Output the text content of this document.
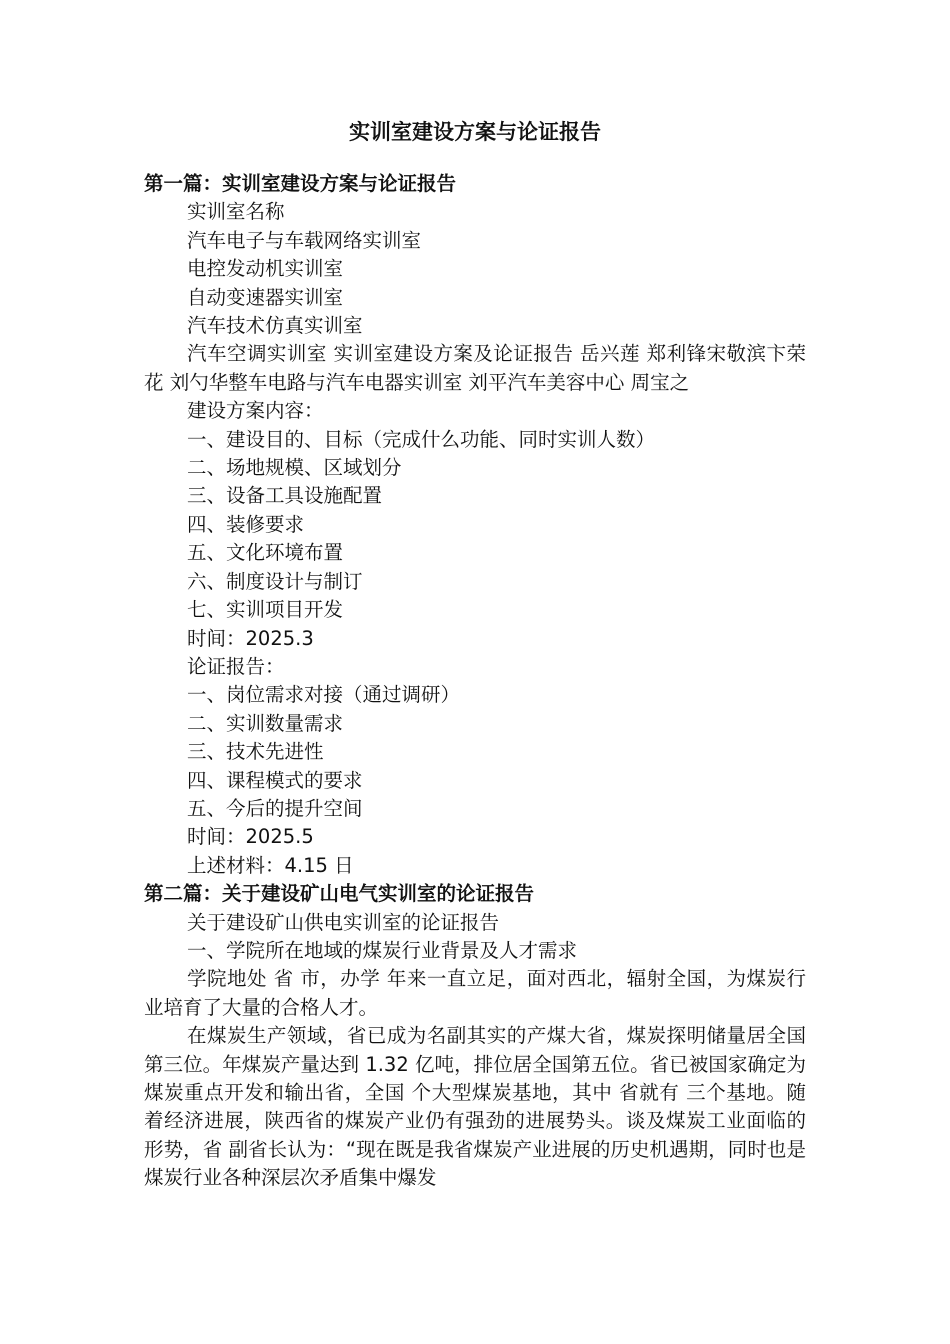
实训室建设方案与论证报告
第一篇：实训室建设方案与论证报告
实训室名称
汽车电子与车载网络实训室
电控发动机实训室
自动变速器实训室
汽车技术仿真实训室
汽车空调实训室 实训室建设方案及论证报告 岳兴莲 郑利锋宋敬滨卞荣花 刘勺华整车电路与汽车电器实训室 刘平汽车美容中心 周宝之
建设方案内容：
一、建设目的、目标（完成什么功能、同时实训人数）
二、场地规模、区域划分
三、设备工具设施配置
四、装修要求
五、文化环境布置
六、制度设计与制订
七、实训项目开发
时间：2025.3
论证报告：
一、岗位需求对接（通过调研）
二、实训数量需求
三、技术先进性
四、课程模式的要求
五、今后的提升空间
时间：2025.5
上述材料：4.15 日
第二篇：关于建设矿山电气实训室的论证报告
关于建设矿山供电实训室的论证报告
一、学院所在地域的煤炭行业背景及人才需求
学院地处 省 市，办学 年来一直立足，面对西北，辐射全国，为煤炭行业培育了大量的合格人才。
在煤炭生产领域，省已成为名副其实的产煤大省，煤炭探明储量居全国第三位。年煤炭产量达到 1.32 亿吨，排位居全国第五位。省已被国家确定为煤炭重点开发和输出省，全国 个大型煤炭基地，其中 省就有 三个基地。随着经济进展，陕西省的煤炭产业仍有强劲的进展势头。谈及煤炭工业面临的形势，省 副省长认为：“现在既是我省煤炭产业进展的历史机遇期，同时也是煤炭行业各种深层次矛盾集中爆发
